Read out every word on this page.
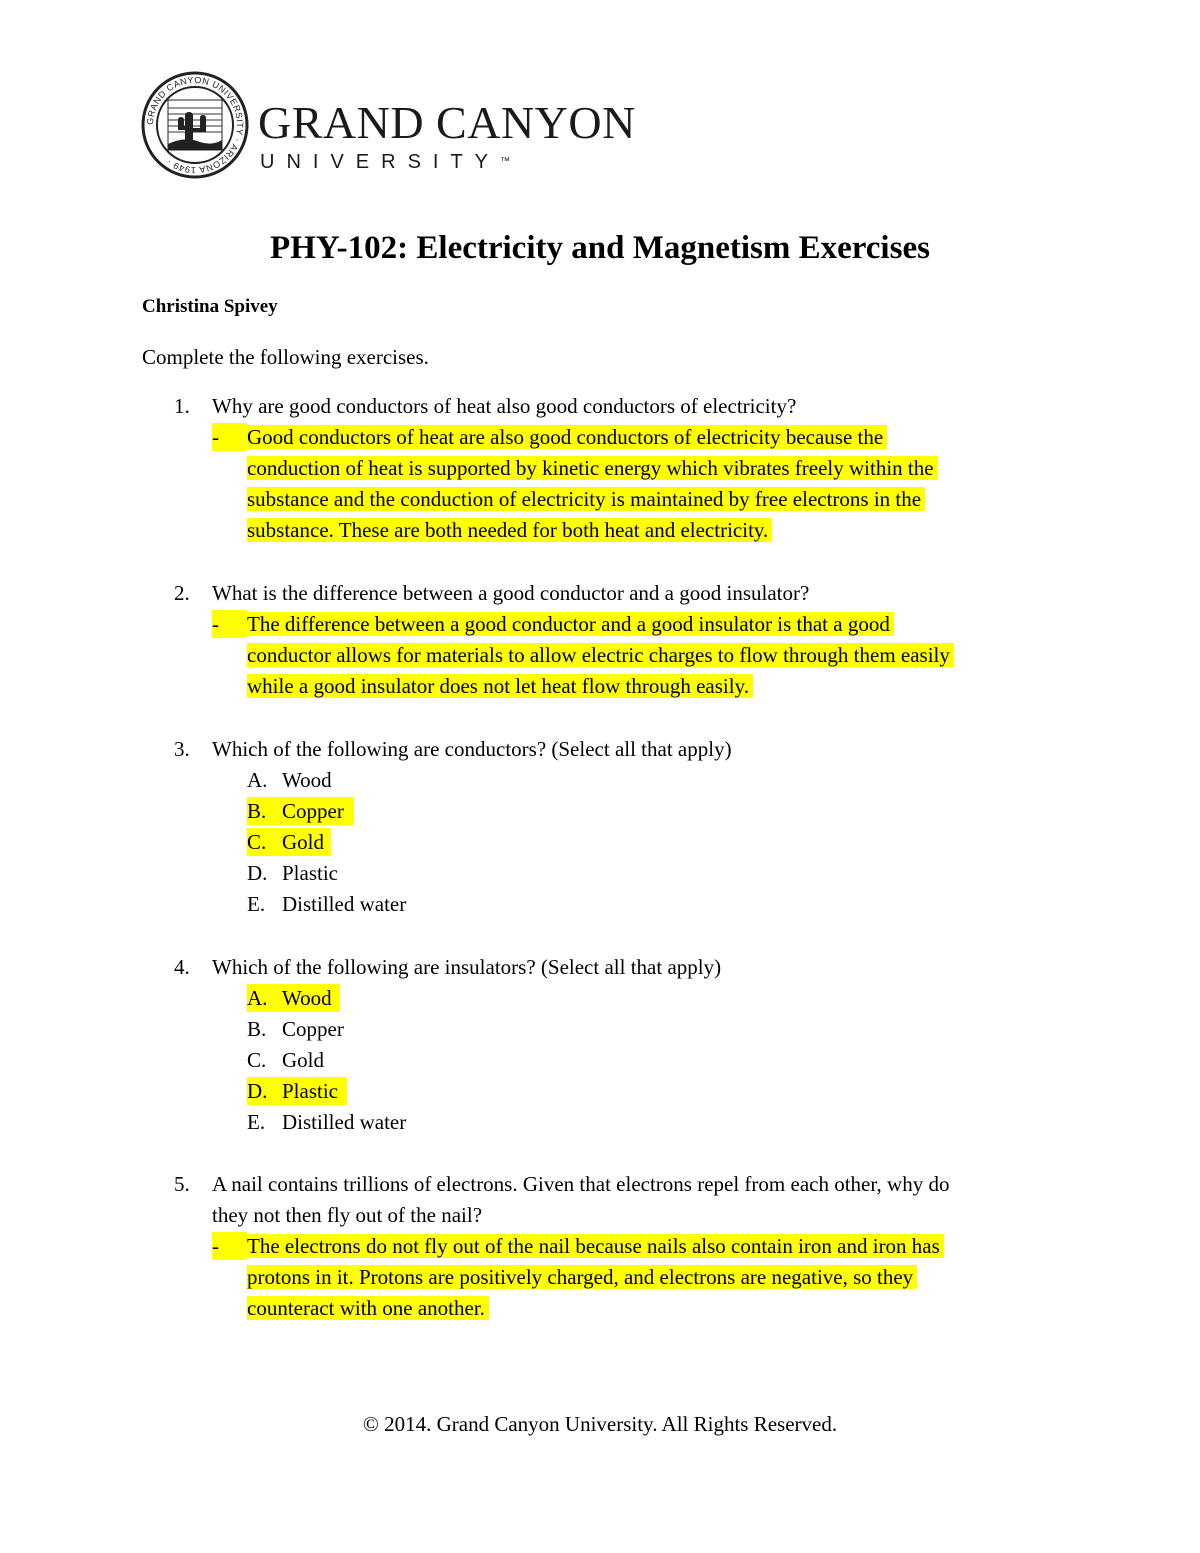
GRAND CANYON UNIVERSITY · ARIZONA 1949 ·
GRAND CANYON
UNIVERSITY™
PHY-102: Electricity and Magnetism Exercises
Christina Spivey
Complete the following exercises.
1. Why are good conductors of heat also good conductors of electricity?
-	Good conductors of heat are also good conductors of electricity because the
conduction of heat is supported by kinetic energy which vibrates freely within the
substance and the conduction of electricity is maintained by free electrons in the
substance. These are both needed for both heat and electricity.
2. What is the difference between a good conductor and a good insulator?
-	The difference between a good conductor and a good insulator is that a good
conductor allows for materials to allow electric charges to flow through them easily
while a good insulator does not let heat flow through easily.
3. Which of the following are conductors? (Select all that apply)
A. Wood
B. Copper
C. Gold
D. Plastic
E. Distilled water
4. Which of the following are insulators? (Select all that apply)
A. Wood
B. Copper
C. Gold
D. Plastic
E. Distilled water
5. A nail contains trillions of electrons. Given that electrons repel from each other, why do
they not then fly out of the nail?
-	The electrons do not fly out of the nail because nails also contain iron and iron has
protons in it. Protons are positively charged, and electrons are negative, so they
counteract with one another.
© 2014. Grand Canyon University. All Rights Reserved.
